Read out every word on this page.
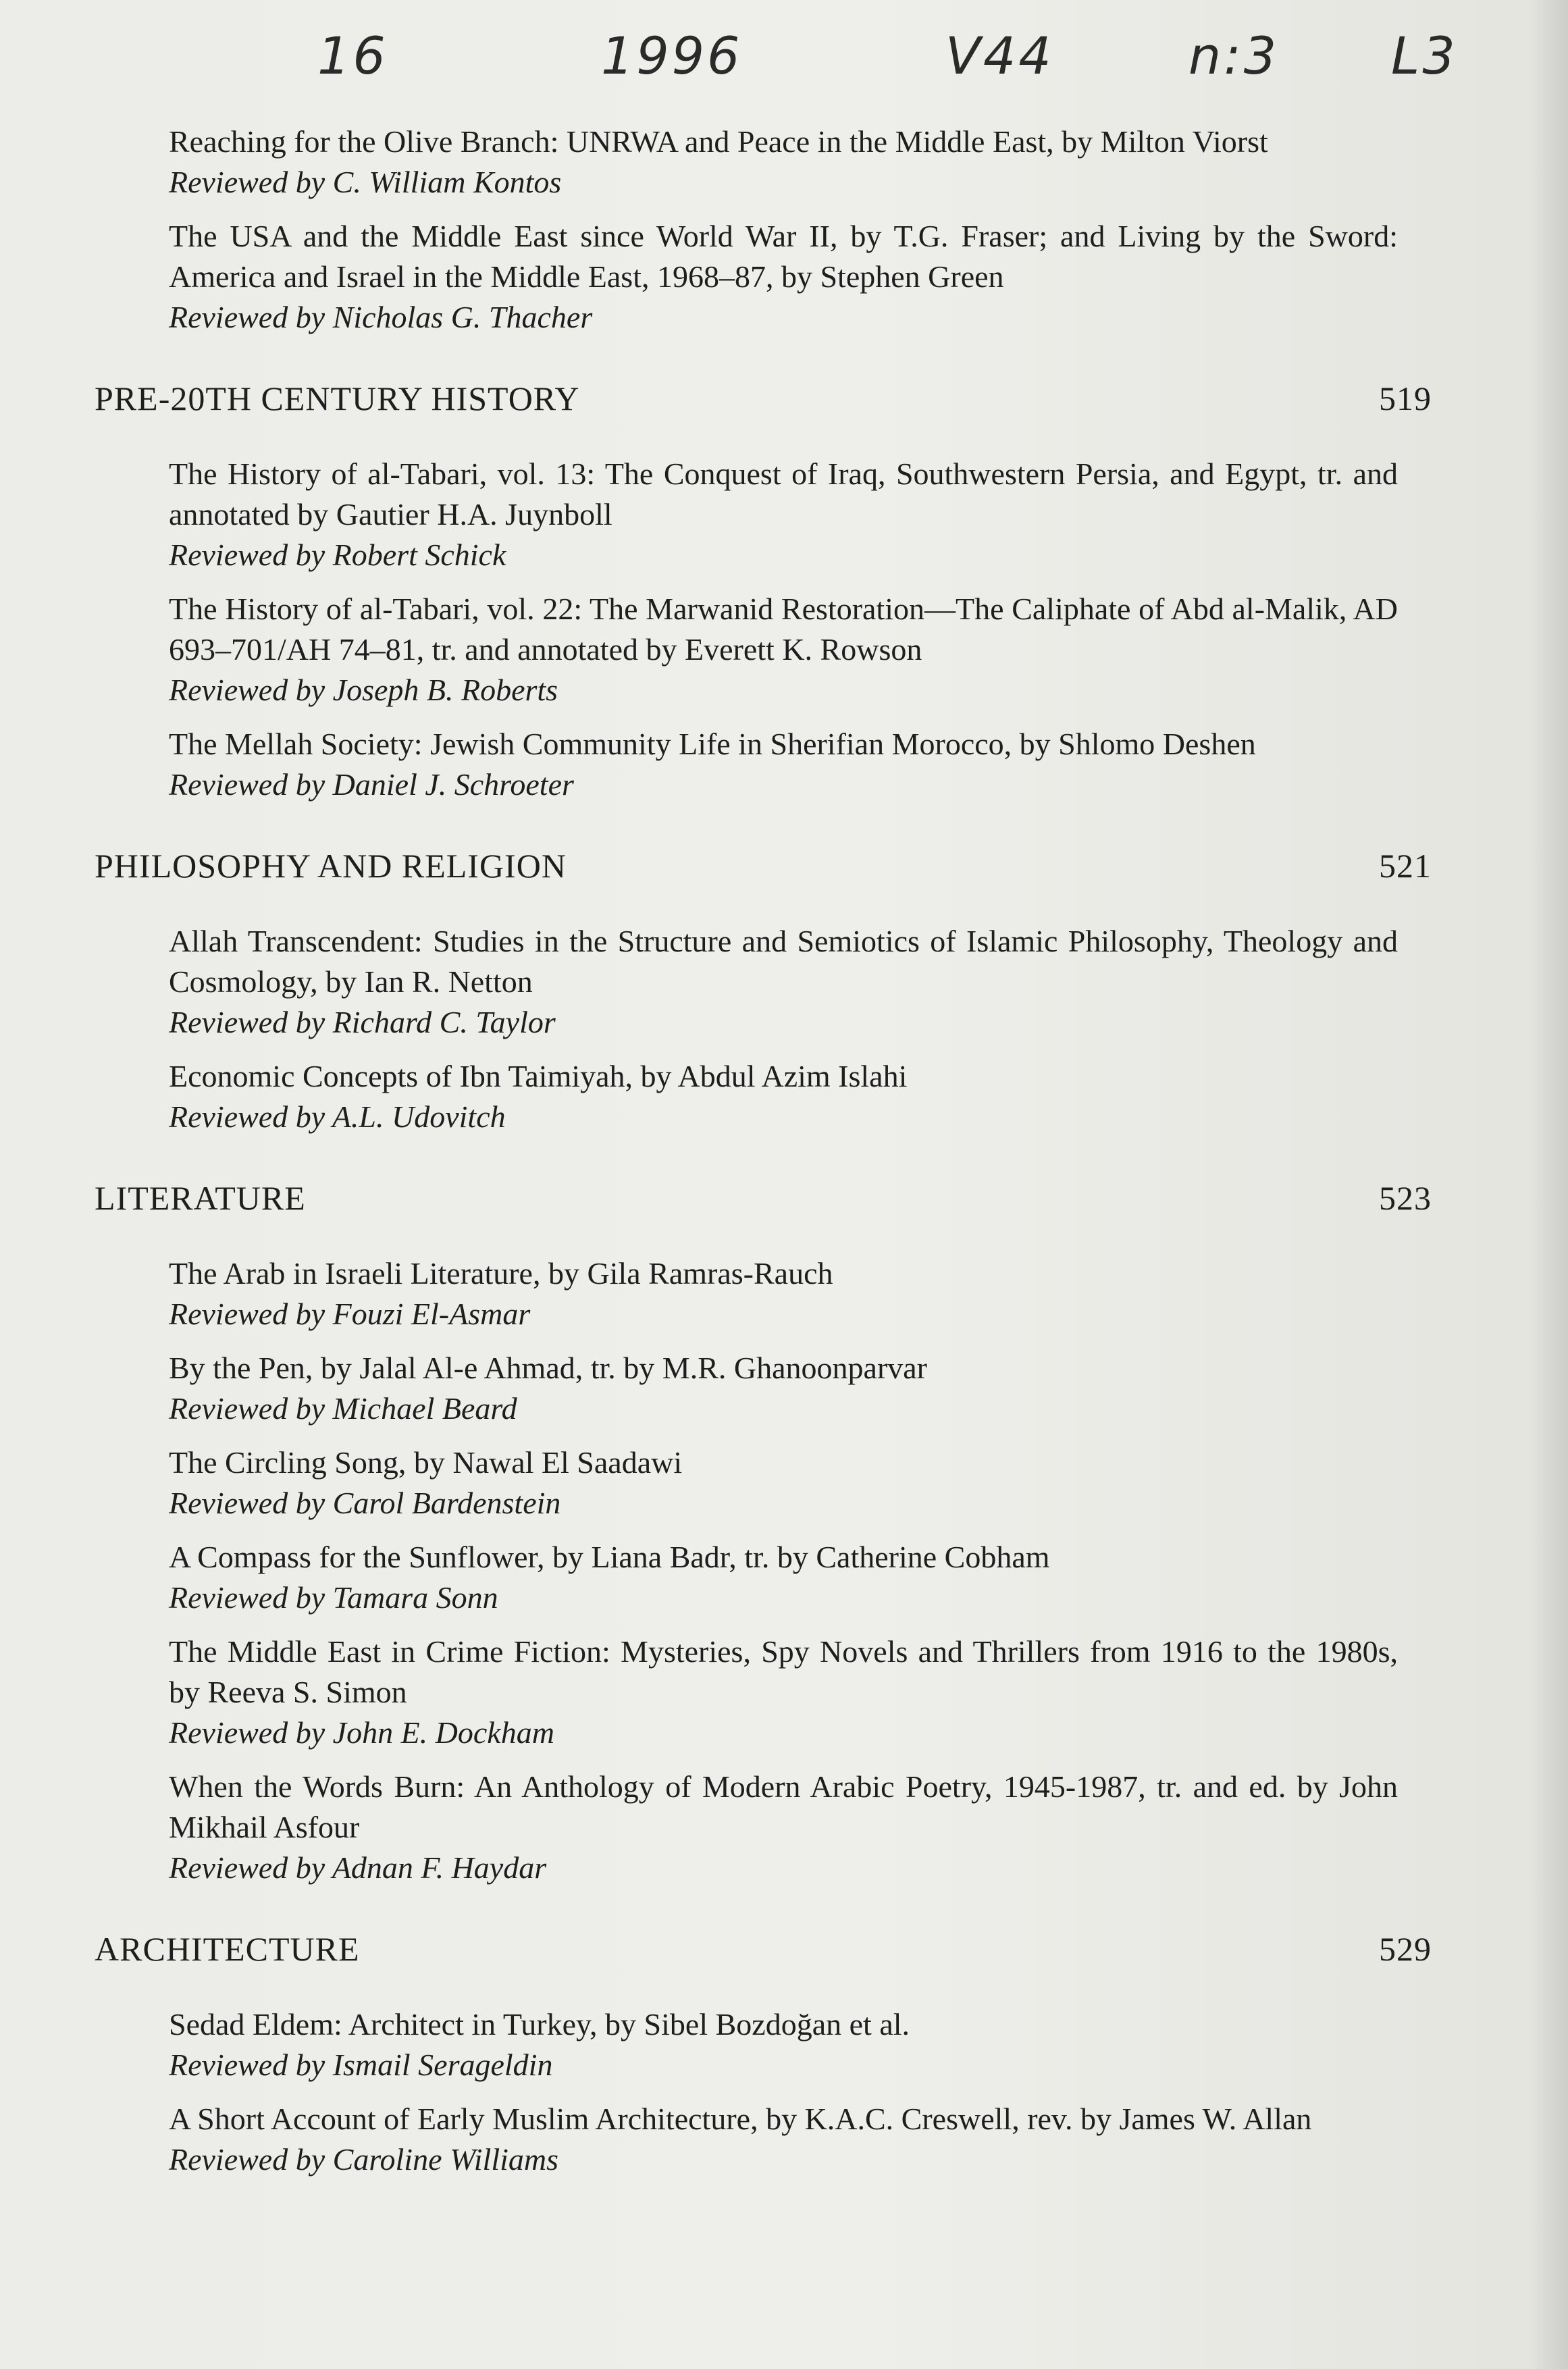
16	1996	V44	n:3 L3
Reaching for the Olive Branch: UNRWA and Peace in the Middle East, by Milton Viorst
Reviewed by C. William Kontos
The USA and the Middle East since World War II, by T.G. Fraser; and Living by the Sword: America and Israel in the Middle East, 1968–87, by Stephen Green
Reviewed by Nicholas G. Thacher
PRE-20TH CENTURY HISTORY	519
The History of al-Tabari, vol. 13: The Conquest of Iraq, Southwestern Persia, and Egypt, tr. and annotated by Gautier H.A. Juynboll
Reviewed by Robert Schick
The History of al-Tabari, vol. 22: The Marwanid Restoration—The Caliphate of Abd al-Malik, AD 693–701/AH 74–81, tr. and annotated by Everett K. Rowson
Reviewed by Joseph B. Roberts
The Mellah Society: Jewish Community Life in Sherifian Morocco, by Shlomo Deshen
Reviewed by Daniel J. Schroeter
PHILOSOPHY AND RELIGION	521
Allah Transcendent: Studies in the Structure and Semiotics of Islamic Philosophy, Theology and Cosmology, by Ian R. Netton
Reviewed by Richard C. Taylor
Economic Concepts of Ibn Taimiyah, by Abdul Azim Islahi
Reviewed by A.L. Udovitch
LITERATURE	523
The Arab in Israeli Literature, by Gila Ramras-Rauch
Reviewed by Fouzi El-Asmar
By the Pen, by Jalal Al-e Ahmad, tr. by M.R. Ghanoonparvar
Reviewed by Michael Beard
The Circling Song, by Nawal El Saadawi
Reviewed by Carol Bardenstein
A Compass for the Sunflower, by Liana Badr, tr. by Catherine Cobham
Reviewed by Tamara Sonn
The Middle East in Crime Fiction: Mysteries, Spy Novels and Thrillers from 1916 to the 1980s, by Reeva S. Simon
Reviewed by John E. Dockham
When the Words Burn: An Anthology of Modern Arabic Poetry, 1945-1987, tr. and ed. by John Mikhail Asfour
Reviewed by Adnan F. Haydar
ARCHITECTURE	529
Sedad Eldem: Architect in Turkey, by Sibel Bozdoğan et al.
Reviewed by Ismail Serageldin
A Short Account of Early Muslim Architecture, by K.A.C. Creswell, rev. by James W. Allan
Reviewed by Caroline Williams
